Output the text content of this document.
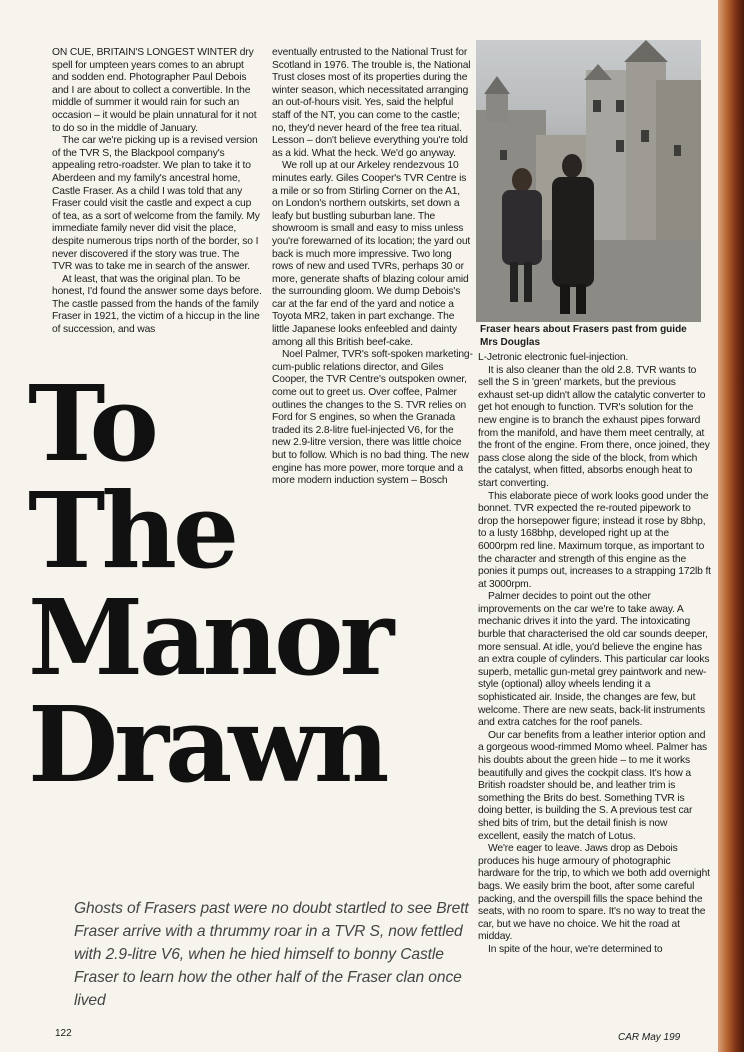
ON CUE, BRITAIN'S LONGEST WINTER dry spell for umpteen years comes to an abrupt and sodden end. Photographer Paul Debois and I are about to collect a convertible. In the middle of summer it would rain for such an occasion – it would be plain unnatural for it not to do so in the middle of January.

The car we're picking up is a revised version of the TVR S, the Blackpool company's appealing retro-roadster. We plan to take it to Aberdeen and my family's ancestral home, Castle Fraser. As a child I was told that any Fraser could visit the castle and expect a cup of tea, as a sort of welcome from the family. My immediate family never did visit the place, despite numerous trips north of the border, so I never discovered if the story was true. The TVR was to take me in search of the answer.

At least, that was the original plan. To be honest, I'd found the answer some days before. The castle passed from the hands of the family Fraser in 1921, the victim of a hiccup in the line of succession, and was

eventually entrusted to the National Trust for Scotland in 1976. The trouble is, the National Trust closes most of its properties during the winter season, which necessitated arranging an out-of-hours visit. Yes, said the helpful staff of the NT, you can come to the castle; no, they'd never heard of the free tea ritual. Lesson – don't believe everything you're told as a kid. What the heck. We'd go anyway.

We roll up at our Arkeley rendezvous 10 minutes early. Giles Cooper's TVR Centre is a mile or so from Stirling Corner on the A1, on London's northern outskirts, set down a leafy but bustling suburban lane. The showroom is small and easy to miss unless you're forewarned of its location; the yard out back is much more impressive. Two long rows of new and used TVRs, perhaps 30 or more, generate shafts of blazing colour amid the surrounding gloom. We dump Debois's car at the far end of the yard and notice a Toyota MR2, taken in part exchange. The little Japanese looks enfeebled and dainty among all this British beef-cake.

Noel Palmer, TVR's soft-spoken marketing-cum-public relations director, and Giles Cooper, the TVR Centre's outspoken owner, come out to greet us. Over coffee, Palmer outlines the changes to the S. TVR relies on Ford for S engines, so when the Granada traded its 2.8-litre fuel-injected V6, for the new 2.9-litre version, there was little choice but to follow. Which is no bad thing. The new engine has more power, more torque and a more modern induction system – Bosch

Fraser hears about Frasers past from guide Mrs Douglas
To
The
Manor
Drawn

L-Jetronic electronic fuel-injection.

It is also cleaner than the old 2.8. TVR wants to sell the S in 'green' markets, but the previous exhaust set-up didn't allow the catalytic converter to get hot enough to function. TVR's solution for the new engine is to branch the exhaust pipes forward from the manifold, and have them meet centrally, at the front of the engine. From there, once joined, they pass close along the side of the block, from which the catalyst, when fitted, absorbs enough heat to start converting.

This elaborate piece of work looks good under the bonnet. TVR expected the re-routed pipework to drop the horsepower figure; instead it rose by 8bhp, to a lusty 168bhp, developed right up at the 6000rpm red line. Maximum torque, as important to the character and strength of this engine as the ponies it pumps out, increases to a strapping 172lb ft at 3000rpm.

Palmer decides to point out the other improvements on the car we're to take away. A mechanic drives it into the yard. The intoxicating burble that characterised the old car sounds deeper, more sensual. At idle, you'd believe the engine has an extra couple of cylinders. This particular car looks superb, metallic gun-metal grey paintwork and new-style (optional) alloy wheels lending it a sophisticated air. Inside, the changes are few, but welcome. There are new seats, back-lit instruments and extra catches for the roof panels.

Our car benefits from a leather interior option and a gorgeous wood-rimmed Momo wheel. Palmer has his doubts about the green hide – to me it works beautifully and gives the cockpit class. It's how a British roadster should be, and leather trim is something the Brits do best. Something TVR is doing better, is building the S. A previous test car shed bits of trim, but the detail finish is now excellent, easily the match of Lotus.

We're eager to leave. Jaws drop as Debois produces his huge armoury of photographic hardware for the trip, to which we both add overnight bags. We easily brim the boot, after some careful packing, and the overspill fills the space behind the seats, with no room to spare. It's no way to treat the car, but we have no choice. We hit the road at midday.

In spite of the hour, we're determined to

Ghosts of Frasers past were no doubt startled to see Brett Fraser arrive with a thrummy roar in a TVR S, now fettled with 2.9-litre V6, when he hied himself to bonny Castle Fraser to learn how the other half of the Fraser clan once lived
122	CAR May 199
